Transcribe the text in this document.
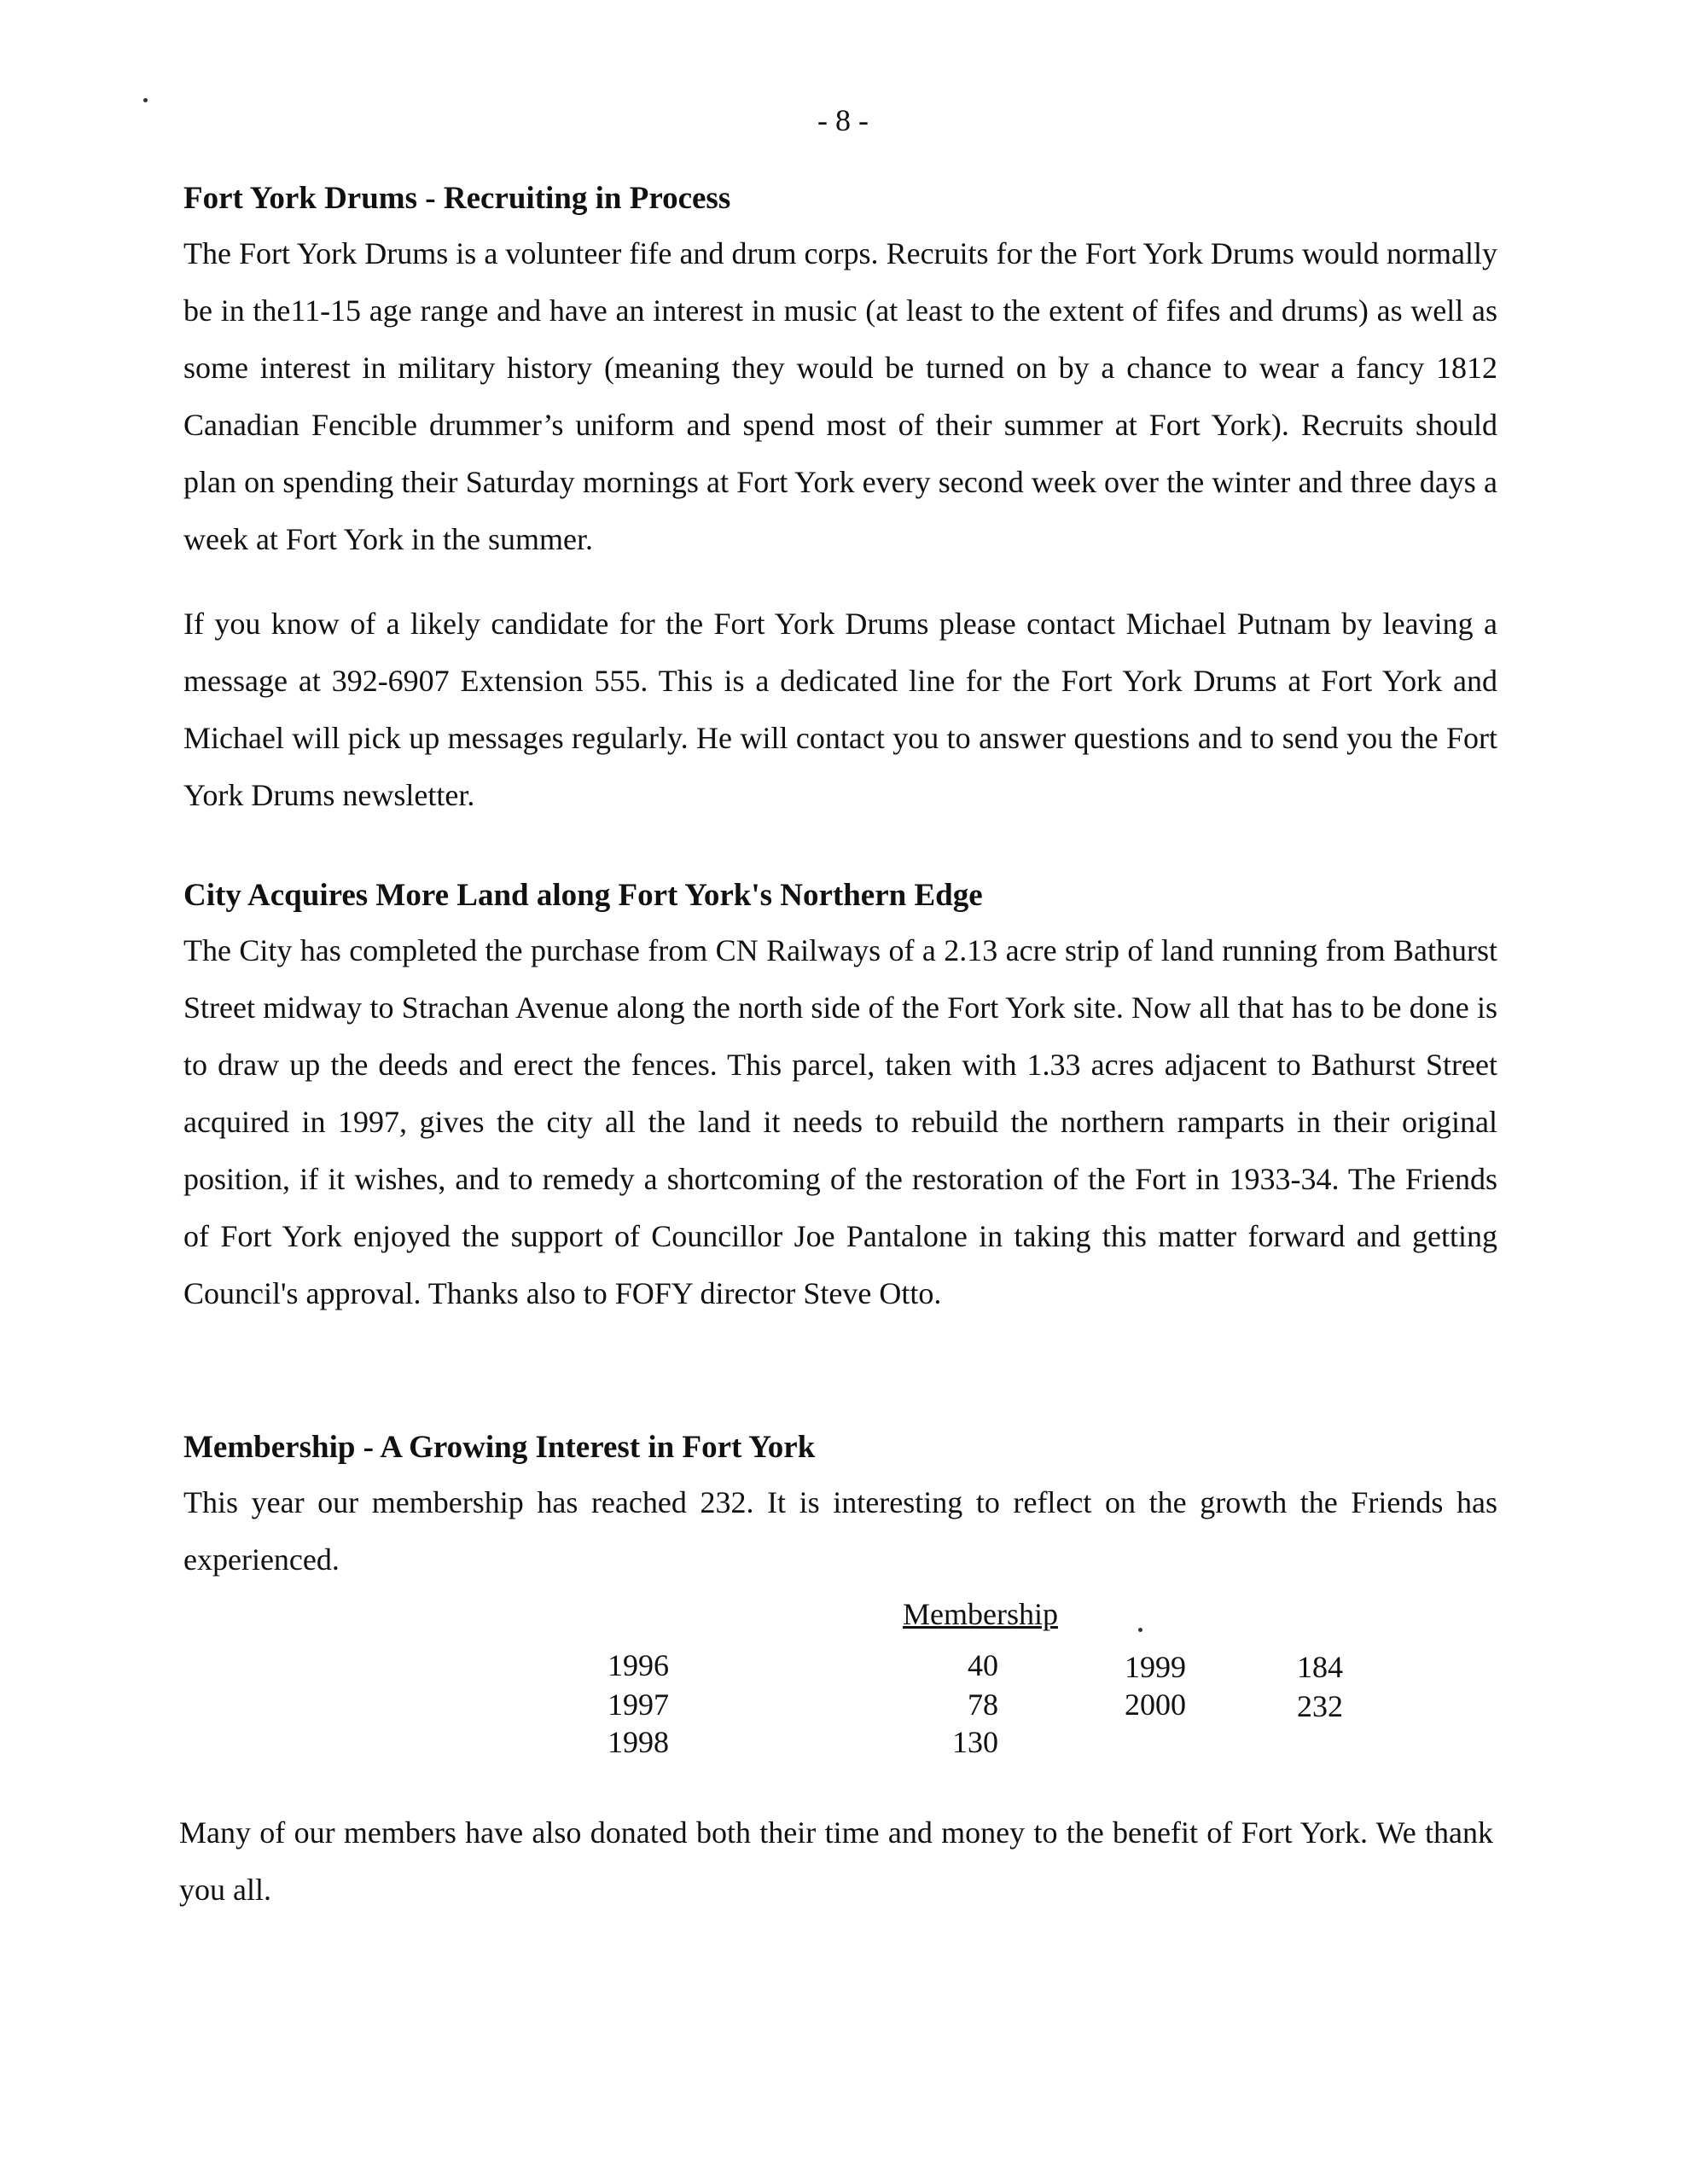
- 8 -
Fort York Drums - Recruiting in Process

The Fort York Drums is a volunteer fife and drum corps. Recruits for the Fort York Drums would normally be in the11-15 age range and have an interest in music (at least to the extent of fifes and drums) as well as some interest in military history (meaning they would be turned on by a chance to wear a fancy 1812 Canadian Fencible drummer’s uniform and spend most of their summer at Fort York). Recruits should plan on spending their Saturday mornings at Fort York every second week over the winter and three days a week at Fort York in the summer.

If you know of a likely candidate for the Fort York Drums please contact Michael Putnam by leaving a message at 392-6907 Extension 555. This is a dedicated line for the Fort York Drums at Fort York and Michael will pick up messages regularly. He will contact you to answer questions and to send you the Fort York Drums newsletter.

City Acquires More Land along Fort York's Northern Edge

The City has completed the purchase from CN Railways of a 2.13 acre strip of land running from Bathurst Street midway to Strachan Avenue along the north side of the Fort York site. Now all that has to be done is to draw up the deeds and erect the fences. This parcel, taken with 1.33 acres adjacent to Bathurst Street acquired in 1997, gives the city all the land it needs to rebuild the northern ramparts in their original position, if it wishes, and to remedy a shortcoming of the restoration of the Fort in 1933-34. The Friends of Fort York enjoyed the support of Councillor Joe Pantalone in taking this matter forward and getting Council's approval. Thanks also to FOFY director Steve Otto.

Membership - A Growing Interest in Fort York

This year our membership has reached 232. It is interesting to reflect on the growth the Friends has experienced.

Membership
1996	40	1999	184
1997	78	2000	232
1998	130

Many of our members have also donated both their time and money to the benefit of Fort York. We thank you all.
